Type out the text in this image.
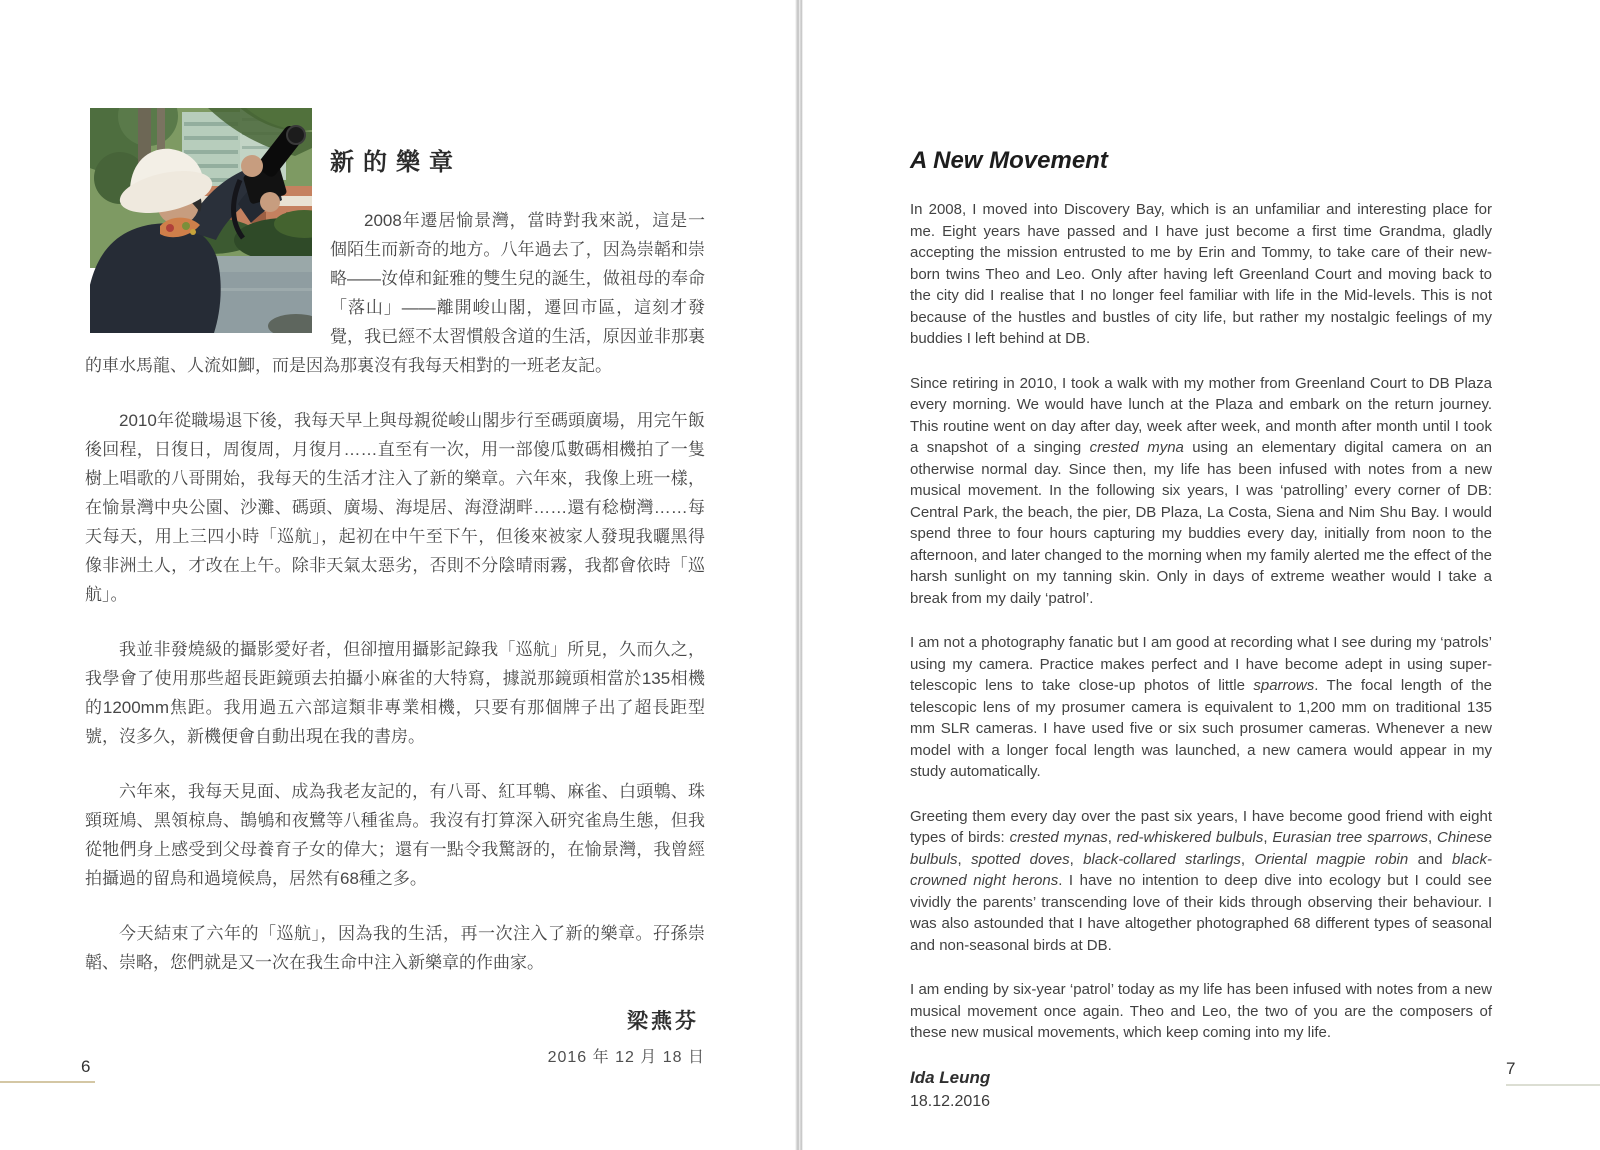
新的樂章

2008年遷居愉景灣，當時對我來説，這是一個陌生而新奇的地方。八年過去了，因為崇韜和崇略——汝倬和鉦雅的雙生兒的誕生，做祖母的奉命「落山」——離開峻山閣，遷回市區，這刻才發覺，我已經不太習慣般含道的生活，原因並非那裏的車水馬龍、人流如鯽，而是因為那裏沒有我每天相對的一班老友記。

2010年從職場退下後，我每天早上與母親從峻山閣步行至碼頭廣場，用完午飯後回程，日復日，周復周，月復月……直至有一次，用一部傻瓜數碼相機拍了一隻樹上唱歌的八哥開始，我每天的生活才注入了新的樂章。六年來，我像上班一樣，在愉景灣中央公園、沙灘、碼頭、廣場、海堤居、海澄湖畔……還有稔樹灣……每天每天，用上三四小時「巡航」，起初在中午至下午，但後來被家人發現我曬黑得像非洲土人，才改在上午。除非天氣太惡劣，否則不分陰晴雨霧，我都會依時「巡航」。

我並非發燒級的攝影愛好者，但卻擅用攝影記錄我「巡航」所見，久而久之，我學會了使用那些超長距鏡頭去拍攝小麻雀的大特寫，據説那鏡頭相當於135相機的1200mm焦距。我用過五六部這類非專業相機，只要有那個牌子出了超長距型號，沒多久，新機便會自動出現在我的書房。

六年來，我每天見面、成為我老友記的，有八哥、紅耳鵯、麻雀、白頭鵯、珠頸斑鳩、黑領椋鳥、鵲鴝和夜鷺等八種雀鳥。我沒有打算深入研究雀鳥生態，但我從牠們身上感受到父母養育子女的偉大；還有一點令我驚訝的，在愉景灣，我曾經拍攝過的留鳥和過境候鳥，居然有68種之多。

今天結束了六年的「巡航」，因為我的生活，再一次注入了新的樂章。孖孫崇韜、崇略，您們就是又一次在我生命中注入新樂章的作曲家。

梁燕芬
2016 年 12 月 18 日
A New Movement

In 2008, I moved into Discovery Bay, which is an unfamiliar and interesting place for me. Eight years have passed and I have just become a first time Grandma, gladly accepting the mission entrusted to me by Erin and Tommy, to take care of their new-born twins Theo and Leo. Only after having left Greenland Court and moving back to the city did I realise that I no longer feel familiar with life in the Mid-levels. This is not because of the hustles and bustles of city life, but rather my nostalgic feelings of my buddies I left behind at DB.

Since retiring in 2010, I took a walk with my mother from Greenland Court to DB Plaza every morning. We would have lunch at the Plaza and embark on the return journey. This routine went on day after day, week after week, and month after month until I took a snapshot of a singing crested myna using an elementary digital camera on an otherwise normal day. Since then, my life has been infused with notes from a new musical movement. In the following six years, I was ‘patrolling’ every corner of DB: Central Park, the beach, the pier, DB Plaza, La Costa, Siena and Nim Shu Bay. I would spend three to four hours capturing my buddies every day, initially from noon to the afternoon, and later changed to the morning when my family alerted me the effect of the harsh sunlight on my tanning skin. Only in days of extreme weather would I take a break from my daily ‘patrol’.

I am not a photography fanatic but I am good at recording what I see during my ‘patrols’ using my camera. Practice makes perfect and I have become adept in using super-telescopic lens to take close-up photos of little sparrows. The focal length of the telescopic lens of my prosumer camera is equivalent to 1,200 mm on traditional 135 mm SLR cameras. I have used five or six such prosumer cameras. Whenever a new model with a longer focal length was launched, a new camera would appear in my study automatically.

Greeting them every day over the past six years, I have become good friend with eight types of birds: crested mynas, red-whiskered bulbuls, Eurasian tree sparrows, Chinese bulbuls, spotted doves, black-collared starlings, Oriental magpie robin and black-crowned night herons. I have no intention to deep dive into ecology but I could see vividly the parents’ transcending love of their kids through observing their behaviour. I was also astounded that I have altogether photographed 68 different types of seasonal and non-seasonal birds at DB.

I am ending by six-year ‘patrol’ today as my life has been infused with notes from a new musical movement once again. Theo and Leo, the two of you are the composers of these new musical movements, which keep coming into my life.

Ida Leung
18.12.2016
6	7
